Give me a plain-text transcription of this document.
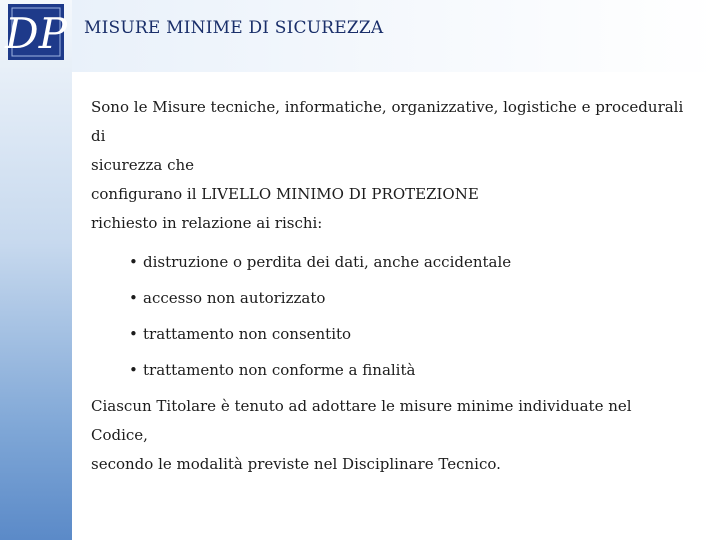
DP MISURE MINIME DI SICUREZZA

Sono le Misure tecniche, informatiche, organizzative, logistiche e procedurali di

sicurezza che

configurano il LIVELLO MINIMO DI PROTEZIONE

richiesto in relazione ai rischi:

• distruzione o perdita dei dati, anche accidentale
• accesso non autorizzato
• trattamento non consentito
• trattamento non conforme a finalità

Ciascun Titolare è tenuto ad adottare le misure minime individuate nel Codice,

secondo le modalità previste nel Disciplinare Tecnico.
